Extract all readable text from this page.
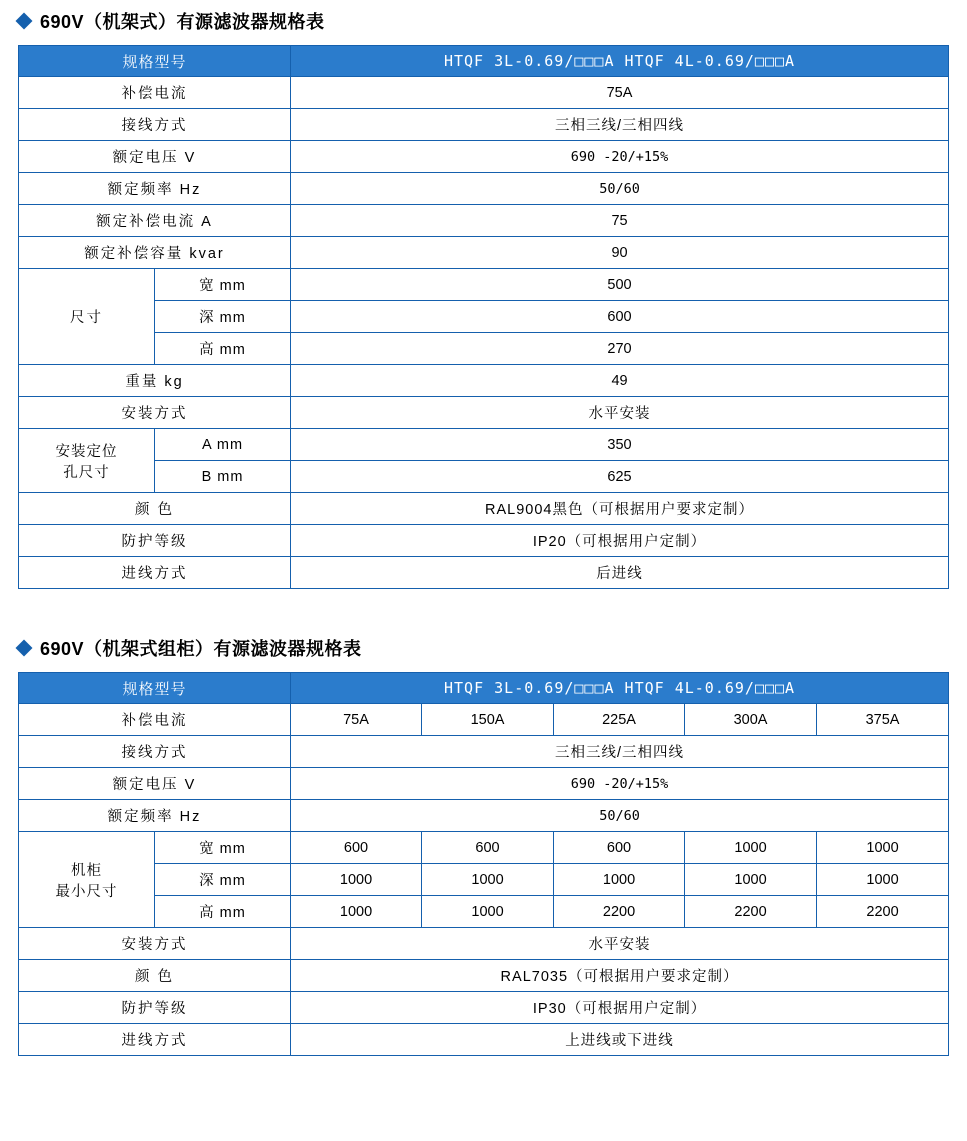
690V（机架式）有源滤波器规格表
规格型号		HTQF 3L-0.69/□□□A HTQF 4L-0.69/□□□A
补偿电流		75A
接线方式		三相三线/三相四线
额定电压 V		690 -20/+15%
额定频率 Hz		50/60
额定补偿电流 A		75
额定补偿容量 kvar		90
尺寸	宽 mm	500
	深 mm	600
	高 mm	270
重量 kg		49
安装方式		水平安装

安装定位
孔尺寸	A mm	350
	B mm	625
颜 色		RAL9004黑色（可根据用户要求定制）
防护等级		IP20（可根据用户定制）
进线方式		后进线
690V（机架式组柜）有源滤波器规格表
规格型号		HTQF 3L-0.69/□□□A HTQF 4L-0.69/□□□A				
补偿电流		75A	150A	225A	300A	375A
接线方式		三相三线/三相四线				
额定电压 V		690 -20/+15%				
额定频率 Hz		50/60				

机柜
最小尺寸	宽 mm	600	600	600	1000	1000
	深 mm	1000	1000	1000	1000	1000
	高 mm	1000	1000	2200	2200	2200
安装方式		水平安装				
颜 色		RAL7035（可根据用户要求定制）				
防护等级		IP30（可根据用户定制）				
进线方式		上进线或下进线				
